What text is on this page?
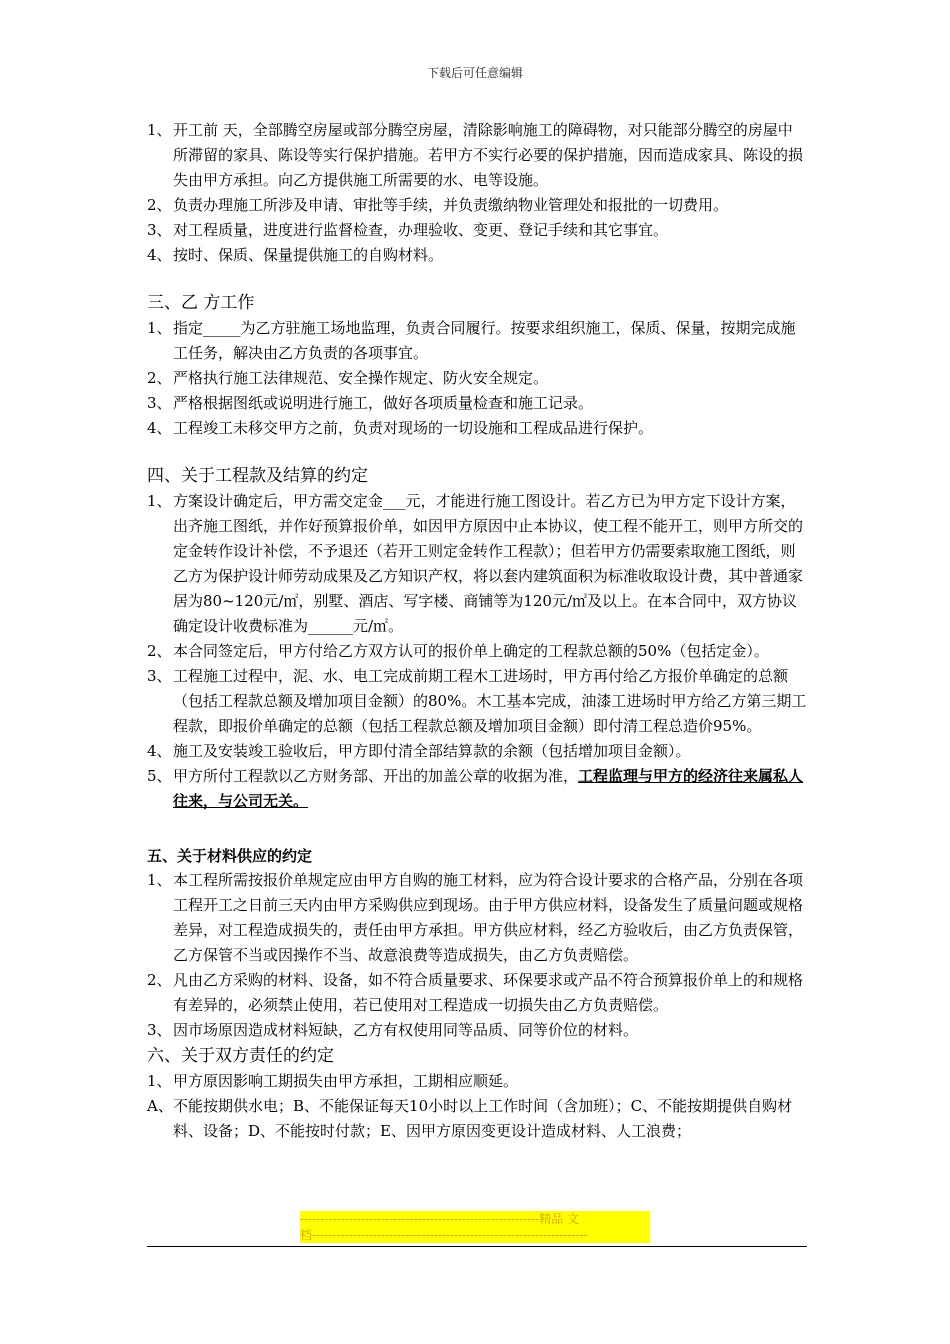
下载后可任意编辑

1、 开工前 天，全部腾空房屋或部分腾空房屋，清除影响施工的障碍物，对只能部分腾空的房屋中所滞留的家具、陈设等实行保护措施。若甲方不实行必要的保护措施，因而造成家具、陈设的损失由甲方承担。向乙方提供施工所需要的水、电等设施。

2、 负责办理施工所涉及申请、审批等手续，并负责缴纳物业管理处和报批的一切费用。

3、 对工程质量，进度进行监督检查，办理验收、变更、登记手续和其它事宜。

4、 按时、保质、保量提供施工的自购材料。

三、乙 方工作

1、 指定_____为乙方驻施工场地监理，负责合同履行。按要求组织施工，保质、保量，按期完成施工任务，解决由乙方负责的各项事宜。

2、 严格执行施工法律规范、安全操作规定、防火安全规定。

3、 严格根据图纸或说明进行施工，做好各项质量检查和施工记录。

4、 工程竣工未移交甲方之前，负责对现场的一切设施和工程成品进行保护。

四、关于工程款及结算的约定

1、 方案设计确定后，甲方需交定金___元，才能进行施工图设计。若乙方已为甲方定下设计方案，出齐施工图纸，并作好预算报价单，如因甲方原因中止本协议，使工程不能开工，则甲方所交的定金转作设计补偿，不予退还（若开工则定金转作工程款）；但若甲方仍需要索取施工图纸，则乙方为保护设计师劳动成果及乙方知识产权，将以套内建筑面积为标准收取设计费，其中普通家居为80~120元/㎡，别墅、酒店、写字楼、商铺等为120元/㎡及以上。在本合同中，双方协议确定设计收费标准为______元/㎡。

2、 本合同签定后，甲方付给乙方双方认可的报价单上确定的工程款总额的50%（包括定金）。

3、 工程施工过程中，泥、水、电工完成前期工程木工进场时，甲方再付给乙方报价单确定的总额（包括工程款总额及增加项目金额）的80%。木工基本完成，油漆工进场时甲方给乙方第三期工程款，即报价单确定的总额（包括工程款总额及增加项目金额）即付清工程总造价95%。

4、 施工及安装竣工验收后，甲方即付清全部结算款的余额（包括增加项目金额）。

5、 甲方所付工程款以乙方财务部、开出的加盖公章的收据为准，工程监理与甲方的经济往来属私人往来，与公司无关。

五、关于材料供应的约定

1、 本工程所需按报价单规定应由甲方自购的施工材料，应为符合设计要求的合格产品，分别在各项工程开工之日前三天内由甲方采购供应到现场。由于甲方供应材料，设备发生了质量问题或规格差异，对工程造成损失的，责任由甲方承担。甲方供应材料，经乙方验收后，由乙方负责保管，乙方保管不当或因操作不当、故意浪费等造成损失，由乙方负责赔偿。

2、 凡由乙方采购的材料、设备，如不符合质量要求、环保要求或产品不符合预算报价单上的和规格有差异的，必须禁止使用，若已使用对工程造成一切损失由乙方负责赔偿。

3、 因市场原因造成材料短缺，乙方有权使用同等品质、同等价位的材料。

六、关于双方责任的约定

1、 甲方原因影响工期损失由甲方承担，工期相应顺延。

A、 不能按期供水电；B、不能保证每天10小时以上工作时间（含加班）；C、不能按期提供自购材料、设备；D、不能按时付款；E、因甲方原因变更设计造成材料、人工浪费；

-----------------------------------------------------------精品 文
档--------------------------------------------------------------------
